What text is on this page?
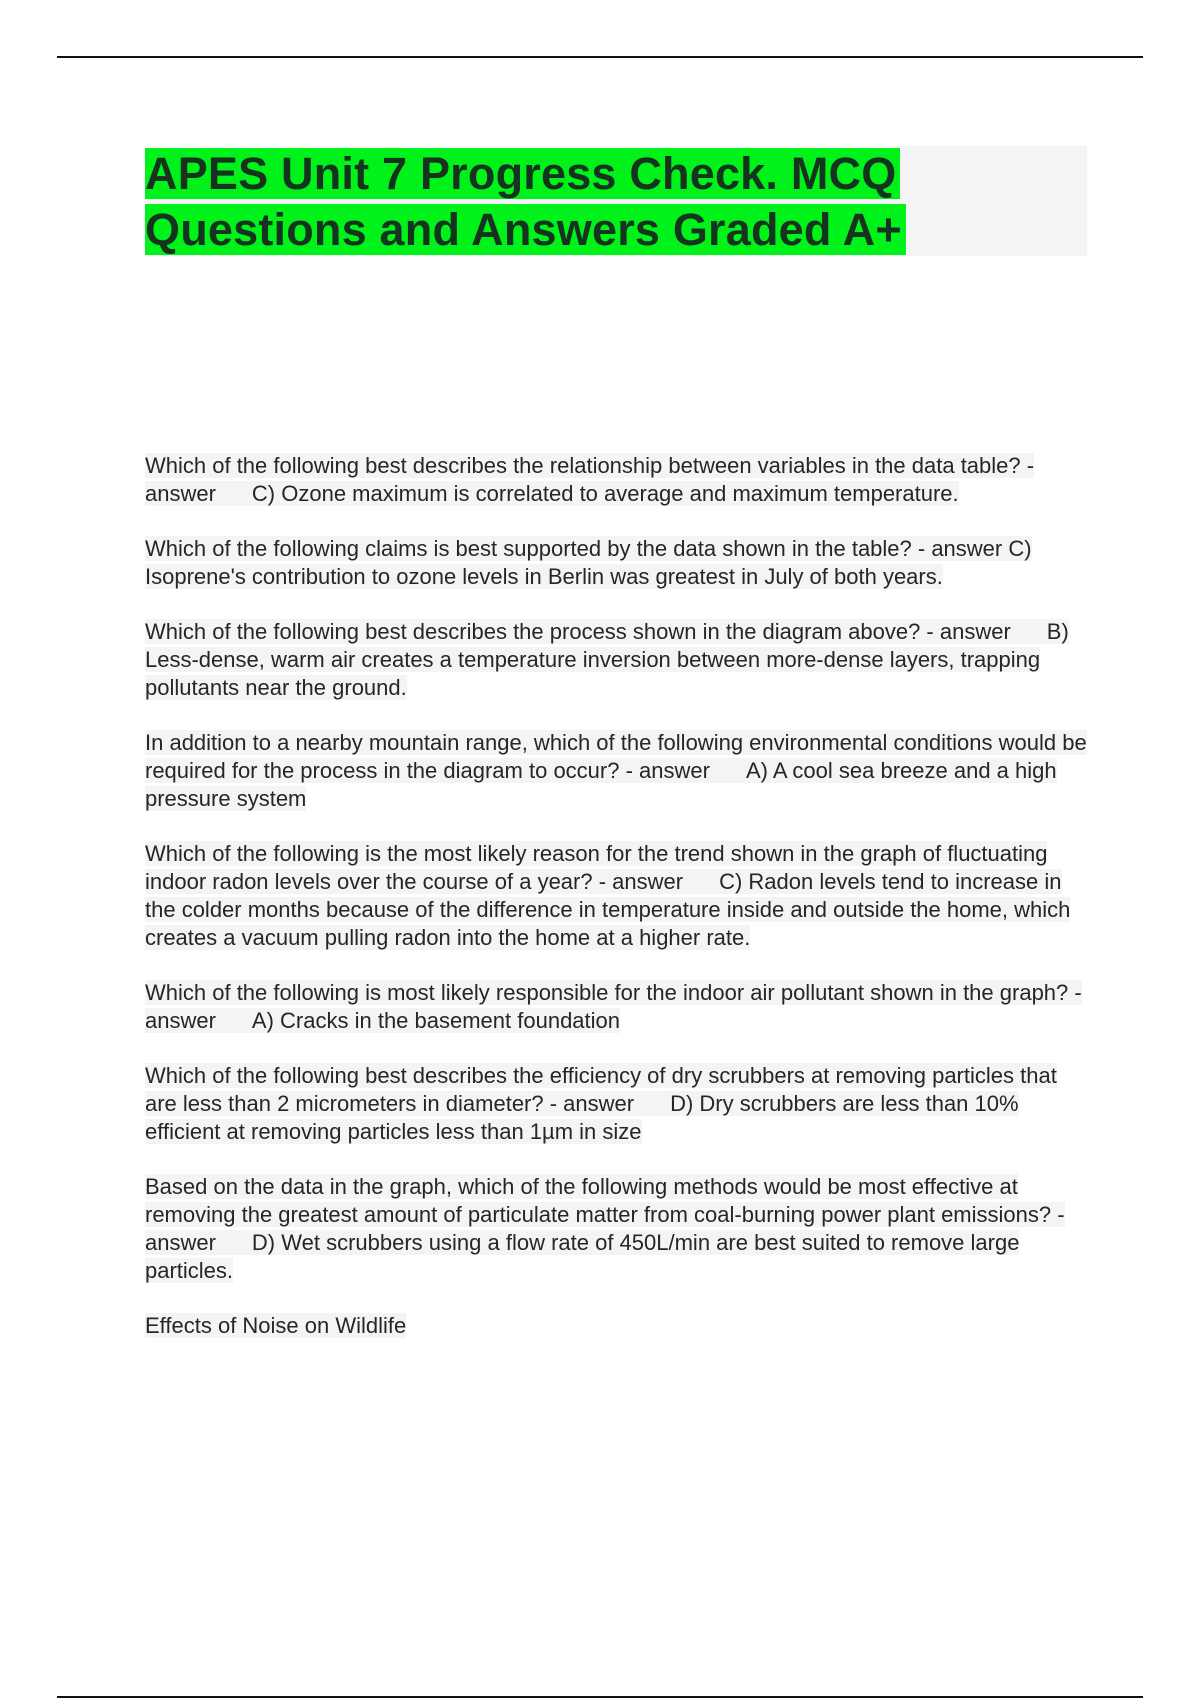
APES Unit 7 Progress Check. MCQ Questions and Answers Graded A+

Which of the following best describes the relationship between variables in the data table? - answer C) Ozone maximum is correlated to average and maximum temperature.

Which of the following claims is best supported by the data shown in the table? - answer C) Isoprene's contribution to ozone levels in Berlin was greatest in July of both years.

Which of the following best describes the process shown in the diagram above? - answer B) Less-dense, warm air creates a temperature inversion between more-dense layers, trapping pollutants near the ground.

In addition to a nearby mountain range, which of the following environmental conditions would be required for the process in the diagram to occur? - answer A) A cool sea breeze and a high pressure system

Which of the following is the most likely reason for the trend shown in the graph of fluctuating indoor radon levels over the course of a year? - answer C) Radon levels tend to increase in the colder months because of the difference in temperature inside and outside the home, which creates a vacuum pulling radon into the home at a higher rate.

Which of the following is most likely responsible for the indoor air pollutant shown in the graph? - answer A) Cracks in the basement foundation

Which of the following best describes the efficiency of dry scrubbers at removing particles that are less than 2 micrometers in diameter? - answer D) Dry scrubbers are less than 10% efficient at removing particles less than 1µm in size

Based on the data in the graph, which of the following methods would be most effective at removing the greatest amount of particulate matter from coal-burning power plant emissions? - answer D) Wet scrubbers using a flow rate of 450L/min are best suited to remove large particles.

Effects of Noise on Wildlife
